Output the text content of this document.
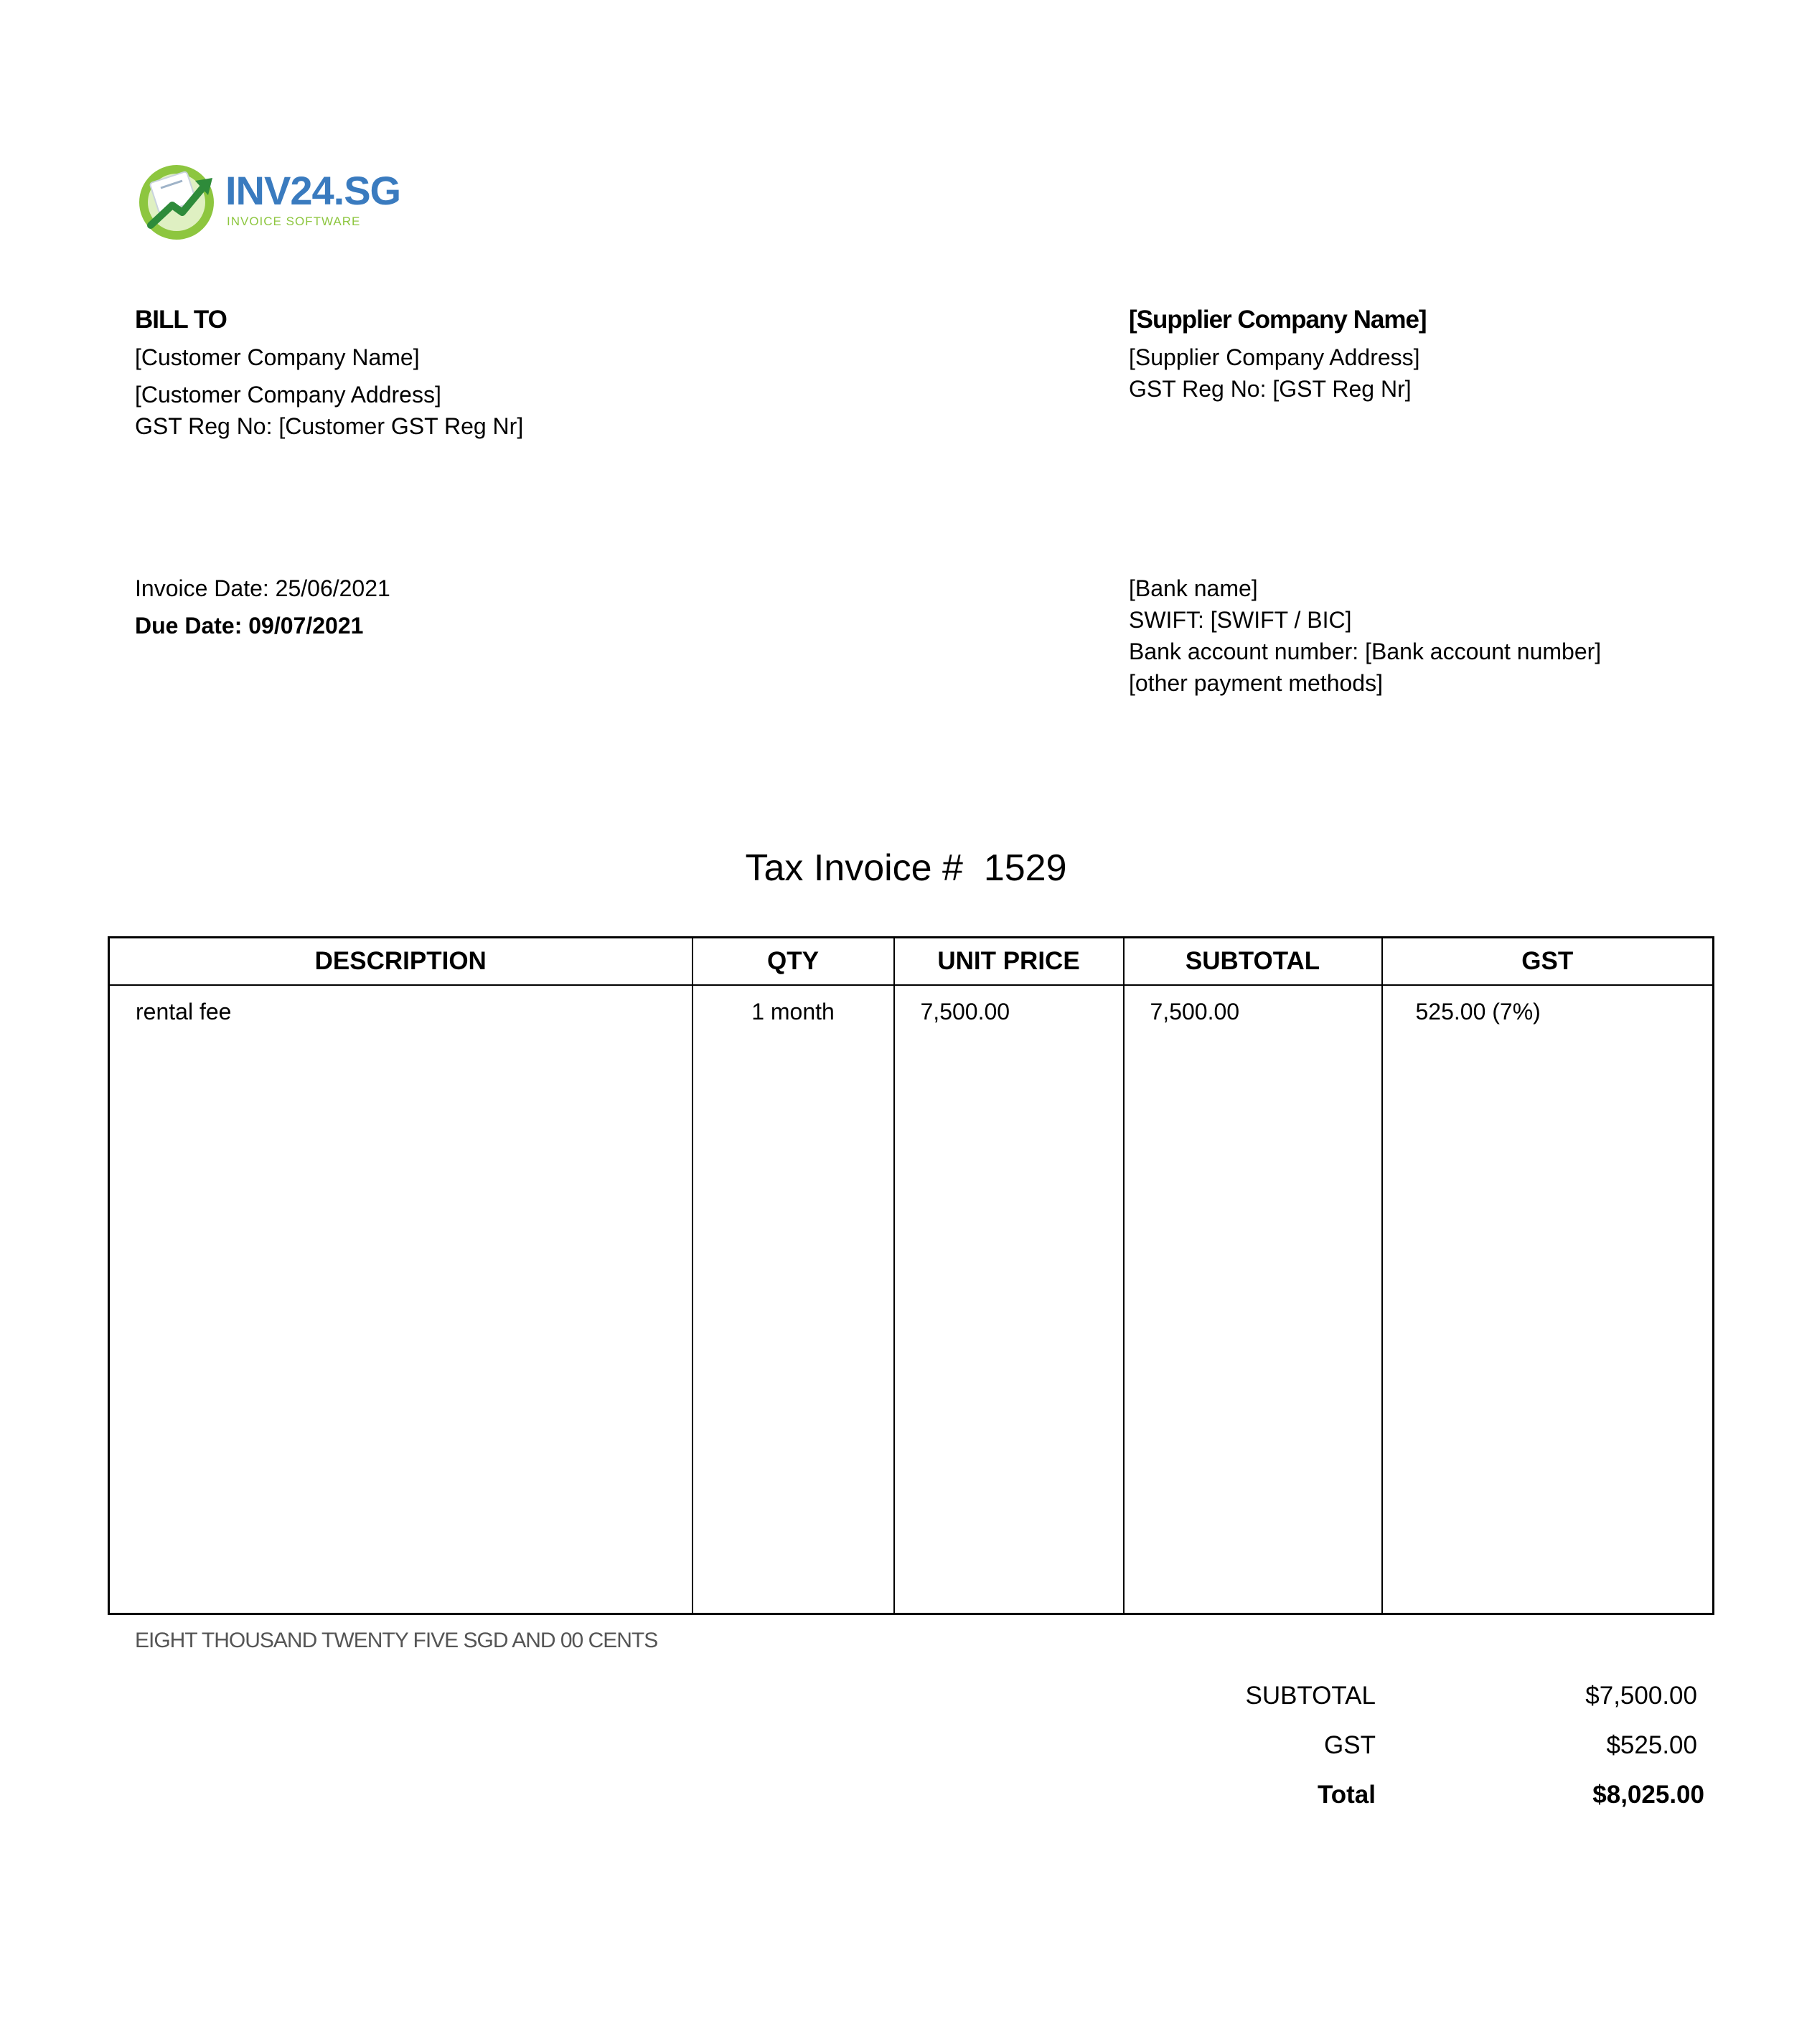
INV24.SG
INVOICE SOFTWARE
BILL TO
[Customer Company Name]
[Customer Company Address]
GST Reg No: [Customer GST Reg Nr]
[Supplier Company Name]
[Supplier Company Address]
GST Reg No: [GST Reg Nr]
Invoice Date: 25/06/2021
Due Date: 09/07/2021
[Bank name]
SWIFT: [SWIFT / BIC]
Bank account number: [Bank account number]
[other payment methods]
Tax Invoice #  1529
DESCRIPTION	QTY	UNIT PRICE	SUBTOTAL	GST
rental fee	1 month	7,500.00	7,500.00	525.00 (7%)

EIGHT THOUSAND TWENTY FIVE SGD AND 00 CENTS
SUBTOTAL	$7,500.00
GST	$525.00
Total	$8,025.00
